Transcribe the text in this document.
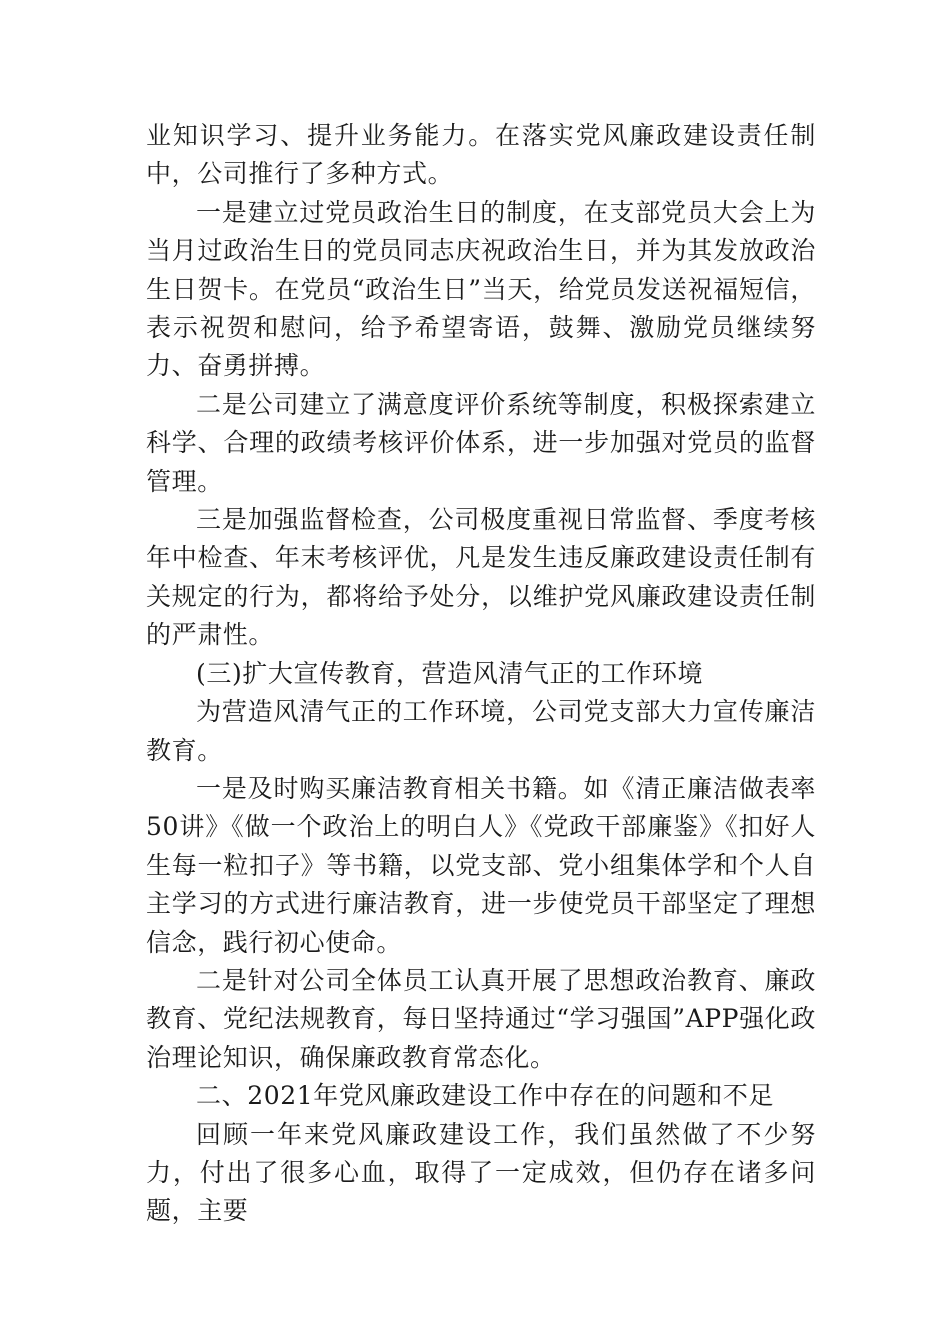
业知识学习、提升业务能力。在落实党风廉政建设责任制中，公司推行了多种方式。

一是建立过党员政治生日的制度，在支部党员大会上为当月过政治生日的党员同志庆祝政治生日，并为其发放政治生日贺卡。在党员“政治生日”当天，给党员发送祝福短信，表示祝贺和慰问，给予希望寄语，鼓舞、激励党员继续努力、奋勇拼搏。

二是公司建立了满意度评价系统等制度，积极探索建立科学、合理的政绩考核评价体系，进一步加强对党员的监督管理。

三是加强监督检查，公司极度重视日常监督、季度考核年中检查、年末考核评优，凡是发生违反廉政建设责任制有关规定的行为，都将给予处分，以维护党风廉政建设责任制的严肃性。

(三)扩大宣传教育，营造风清气正的工作环境

为营造风清气正的工作环境，公司党支部大力宣传廉洁教育。

一是及时购买廉洁教育相关书籍。如《清正廉洁做表率50讲》《做一个政治上的明白人》《党政干部廉鉴》《扣好人生每一粒扣子》等书籍，以党支部、党小组集体学和个人自主学习的方式进行廉洁教育，进一步使党员干部坚定了理想信念，践行初心使命。

二是针对公司全体员工认真开展了思想政治教育、廉政教育、党纪法规教育，每日坚持通过“学习强国”APP强化政治理论知识，确保廉政教育常态化。

二、2021年党风廉政建设工作中存在的问题和不足

回顾一年来党风廉政建设工作，我们虽然做了不少努力，付出了很多心血，取得了一定成效，但仍存在诸多问题，主要
